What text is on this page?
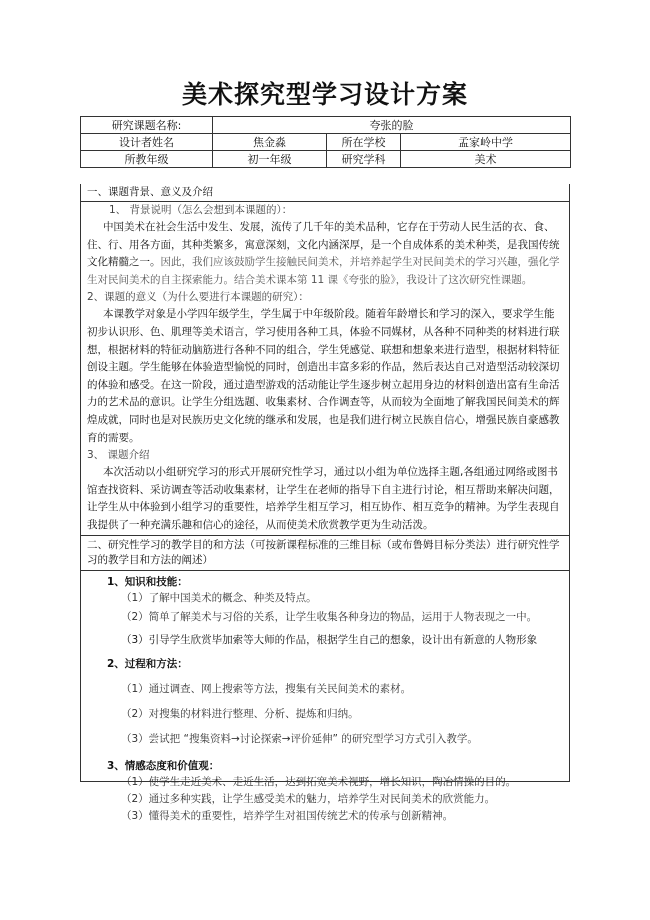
美术探究型学习设计方案
研究课题名称:	夸张的脸		
设计者姓名	焦金淼	所在学校	孟家岭中学
所教年级	初一年级	研究学科	美术
一、课题背景、意义及介绍
1、 背景说明（怎么会想到本课题的）：
中国美术在社会生活中发生、发展，流传了几千年的美术品种，它存在于劳动人民生活的衣、食、住、行、用各方面，其种类繁多，寓意深刻，文化内涵深厚，是一个自成体系的美术种类，是我国传统文化精髓之一。因此，我们应该鼓励学生接触民间美术，并培养起学生对民间美术的学习兴趣，强化学生对民间美术的自主探索能力。结合美术课本第 11 课《夸张的脸》，我设计了这次研究性课题。
2、课题的意义（为什么要进行本课题的研究）：
本课教学对象是小学四年级学生，学生属于中年级阶段。随着年龄增长和学习的深入，要求学生能初步认识形、色、肌理等美术语言，学习使用各种工具，体验不同媒材，从各种不同种类的材料进行联想，根据材料的特征动脑筋进行各种不同的组合，学生凭感觉、联想和想象来进行造型，根据材料特征创设主题。学生能够在体验造型愉悦的同时，创造出丰富多彩的作品，然后表达自己对造型活动较深切的体验和感受。在这一阶段，通过造型游戏的活动能让学生逐步树立起用身边的材料创造出富有生命活力的艺术品的意识。让学生分组选题、收集素材、合作调查等，从而较为全面地了解我国民间美术的辉煌成就，同时也是对民族历史文化统的继承和发展，也是我们进行树立民族自信心，增强民族自豪感教育的需要。
3、 课题介绍
本次活动以小组研究学习的形式开展研究性学习，通过以小组为单位选择主题,各组通过网络或图书馆查找资料、采访调查等活动收集素材，让学生在老师的指导下自主进行讨论，相互帮助来解决问题，让学生从中体验到小组学习的重要性，培养学生相互学习，相互协作、相互竞争的精神。为学生表现自我提供了一种充满乐趣和信心的途径，从而使美术欣赏教学更为生动活泼。
二、研究性学习的教学目的和方法（可按新课程标准的三维目标（或布鲁姆目标分类法）进行研究性学习的教学目和方法的阐述）
1、知识和技能：
（1）了解中国美术的概念、种类及特点。
（2）简单了解美术与习俗的关系，让学生收集各种身边的物品，运用于人物表现之一中。
（3）引导学生欣赏毕加索等大师的作品，根据学生自己的想象，设计出有新意的人物形象
2、过程和方法：
（1）通过调查、网上搜索等方法，搜集有关民间美术的素材。
（2）对搜集的材料进行整理、分析、提炼和归纳。
（3）尝试把 “搜集资料→讨论探索→评价延伸” 的研究型学习方式引入教学。
3、情感态度和价值观：
（1）使学生走近美术、走近生活，达到拓宽美术视野，增长知识，陶冶情操的目的。
（2）通过多种实践，让学生感受美术的魅力，培养学生对民间美术的欣赏能力。
（3）懂得美术的重要性，培养学生对祖国传统艺术的传承与创新精神。
